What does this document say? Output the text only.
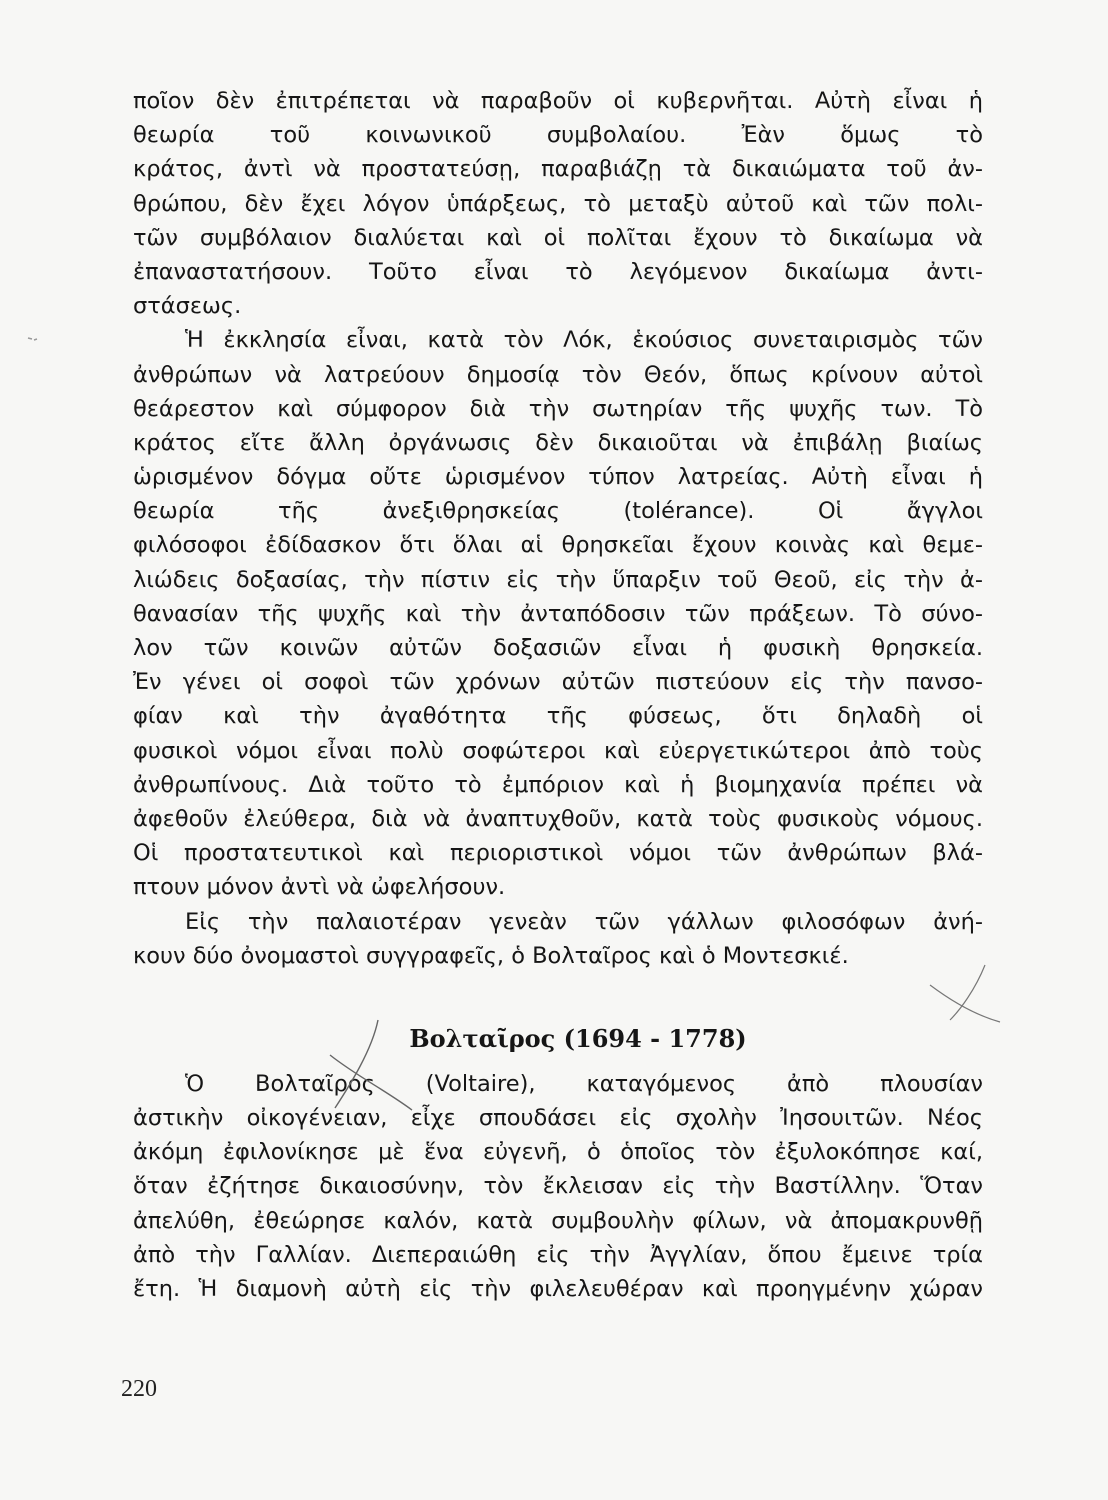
ποῖον δὲν ἐπιτρέπεται νὰ παραβοῦν οἱ κυβερνῆται. Αὐτὴ εἶναι ἡ
θεωρία τοῦ κοινωνικοῦ συμβολαίου. Ἐὰν ὅμως τὸ
κράτος, ἀντὶ νὰ προστατεύσῃ, παραβιάζῃ τὰ δικαιώματα τοῦ ἀν-
θρώπου, δὲν ἔχει λόγον ὑπάρξεως, τὸ μεταξὺ αὐτοῦ καὶ τῶν πολι-
τῶν συμβόλαιον διαλύεται καὶ οἱ πολῖται ἔχουν τὸ δικαίωμα νὰ
ἐπαναστατήσουν. Τοῦτο εἶναι τὸ λεγόμενον δικαίωμα ἀντι-
στάσεως.
Ἡ ἐκκλησία εἶναι, κατὰ τὸν Λόκ, ἑκούσιος συνεταιρισμὸς τῶν
ἀνθρώπων νὰ λατρεύουν δημοσίᾳ τὸν Θεόν, ὅπως κρίνουν αὐτοὶ
θεάρεστον καὶ σύμφορον διὰ τὴν σωτηρίαν τῆς ψυχῆς των. Τὸ
κράτος εἴτε ἄλλη ὀργάνωσις δὲν δικαιοῦται νὰ ἐπιβάλῃ βιαίως
ὡρισμένον δόγμα οὔτε ὡρισμένον τύπον λατρείας. Αὐτὴ εἶναι ἡ
θεωρία τῆς ἀνεξιθρησκείας (tolérance). Οἱ ἄγγλοι
φιλόσοφοι ἐδίδασκον ὅτι ὅλαι αἱ θρησκεῖαι ἔχουν κοινὰς καὶ θεμε-
λιώδεις δοξασίας, τὴν πίστιν εἰς τὴν ὕπαρξιν τοῦ Θεοῦ, εἰς τὴν ἀ-
θανασίαν τῆς ψυχῆς καὶ τὴν ἀνταπόδοσιν τῶν πράξεων. Τὸ σύνο-
λον τῶν κοινῶν αὐτῶν δοξασιῶν εἶναι ἡ φυσικὴ θρησκεία.
Ἐν γένει οἱ σοφοὶ τῶν χρόνων αὐτῶν πιστεύουν εἰς τὴν πανσο-
φίαν καὶ τὴν ἀγαθότητα τῆς φύσεως, ὅτι δηλαδὴ οἱ
φυσικοὶ νόμοι εἶναι πολὺ σοφώτεροι καὶ εὐεργετικώτεροι ἀπὸ τοὺς
ἀνθρωπίνους. Διὰ τοῦτο τὸ ἐμπόριον καὶ ἡ βιομηχανία πρέπει νὰ
ἀφεθοῦν ἐλεύθερα, διὰ νὰ ἀναπτυχθοῦν, κατὰ τοὺς φυσικοὺς νόμους.
Οἱ προστατευτικοὶ καὶ περιοριστικοὶ νόμοι τῶν ἀνθρώπων βλά-
πτουν μόνον ἀντὶ νὰ ὠφελήσουν.
Εἰς τὴν παλαιοτέραν γενεὰν τῶν γάλλων φιλοσόφων ἀνή-
κουν δύο ὀνομαστοὶ συγγραφεῖς, ὁ Βολταῖρος καὶ ὁ Μοντεσκιέ.
Βολταῖρος (1694 - 1778)
Ὁ Βολταῖρος (Voltaire), καταγόμενος ἀπὸ πλουσίαν
ἀστικὴν οἰκογένειαν, εἶχε σπουδάσει εἰς σχολὴν Ἰησουιτῶν. Νέος
ἀκόμη ἐφιλονίκησε μὲ ἕνα εὐγενῆ, ὁ ὁποῖος τὸν ἐξυλοκόπησε καί,
ὅταν ἐζήτησε δικαιοσύνην, τὸν ἔκλεισαν εἰς τὴν Βαστίλλην. Ὅταν
ἀπελύθη, ἐθεώρησε καλόν, κατὰ συμβουλὴν φίλων, νὰ ἀπομακρυνθῇ
ἀπὸ τὴν Γαλλίαν. Διεπεραιώθη εἰς τὴν Ἀγγλίαν, ὅπου ἔμεινε τρία
ἔτη. Ἡ διαμονὴ αὐτὴ εἰς τὴν φιλελευθέραν καὶ προηγμένην χώραν
220
